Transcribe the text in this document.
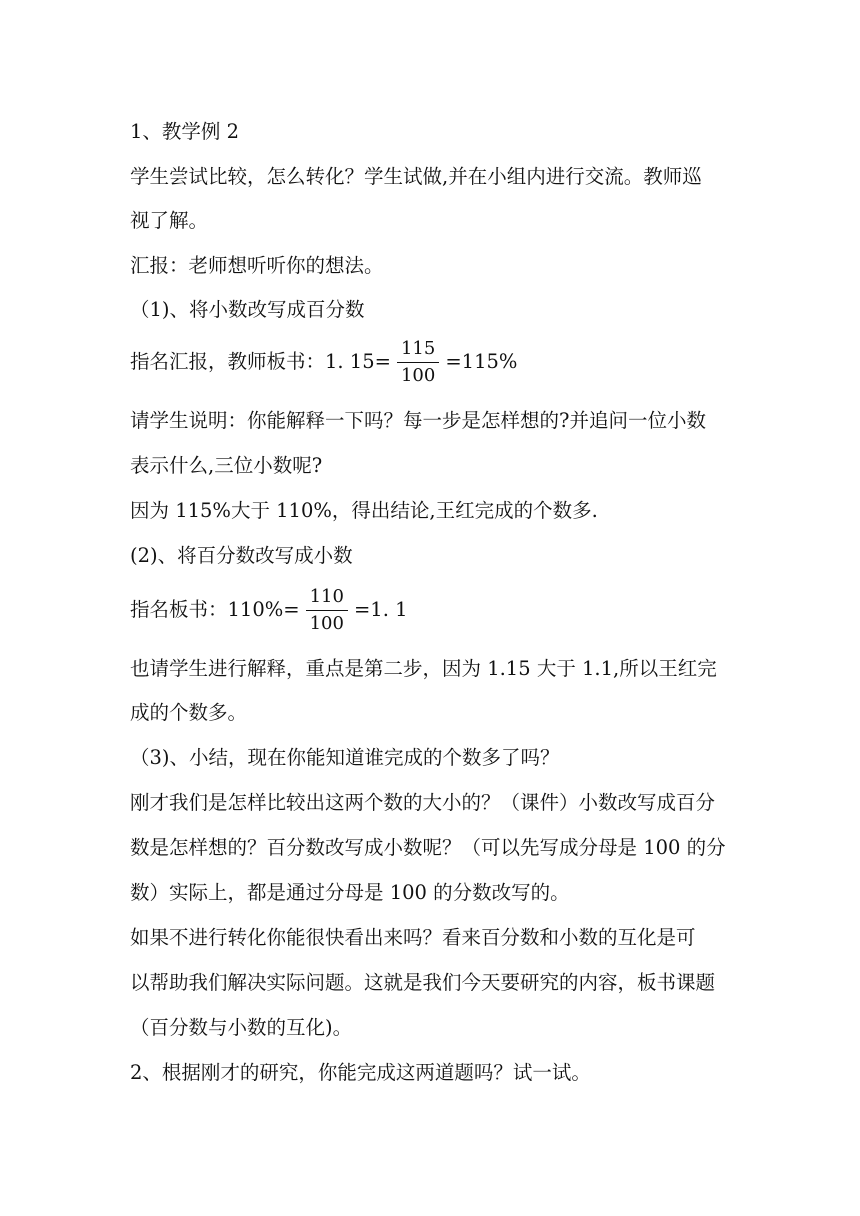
1、教学例 2
学生尝试比较，怎么转化？学生试做,并在小组内进行交流。教师巡
视了解。
汇报：老师想听听你的想法。
（1)、将小数改写成百分数
指名汇报，教师板书：1. $15= \frac{115}{100} =115\%$
请学生说明：你能解释一下吗？每一步是怎样想的?并追问一位小数
表示什么,三位小数呢?
因为 115%大于 110%，得出结论,王红完成的个数多.
(2)、将百分数改写成小数
指名板书：$110\%= \frac{110}{100} =1$. 1
也请学生进行解释，重点是第二步，因为 1.15 大于 1.1,所以王红完
成的个数多。
（3)、小结，现在你能知道谁完成的个数多了吗？
刚才我们是怎样比较出这两个数的大小的？（课件）小数改写成百分
数是怎样想的？百分数改写成小数呢？（可以先写成分母是 100 的分
数）实际上，都是通过分母是 100 的分数改写的。
如果不进行转化你能很快看出来吗？看来百分数和小数的互化是可
以帮助我们解决实际问题。这就是我们今天要研究的内容，板书课题
（百分数与小数的互化)。
2、根据刚才的研究，你能完成这两道题吗？试一试。
